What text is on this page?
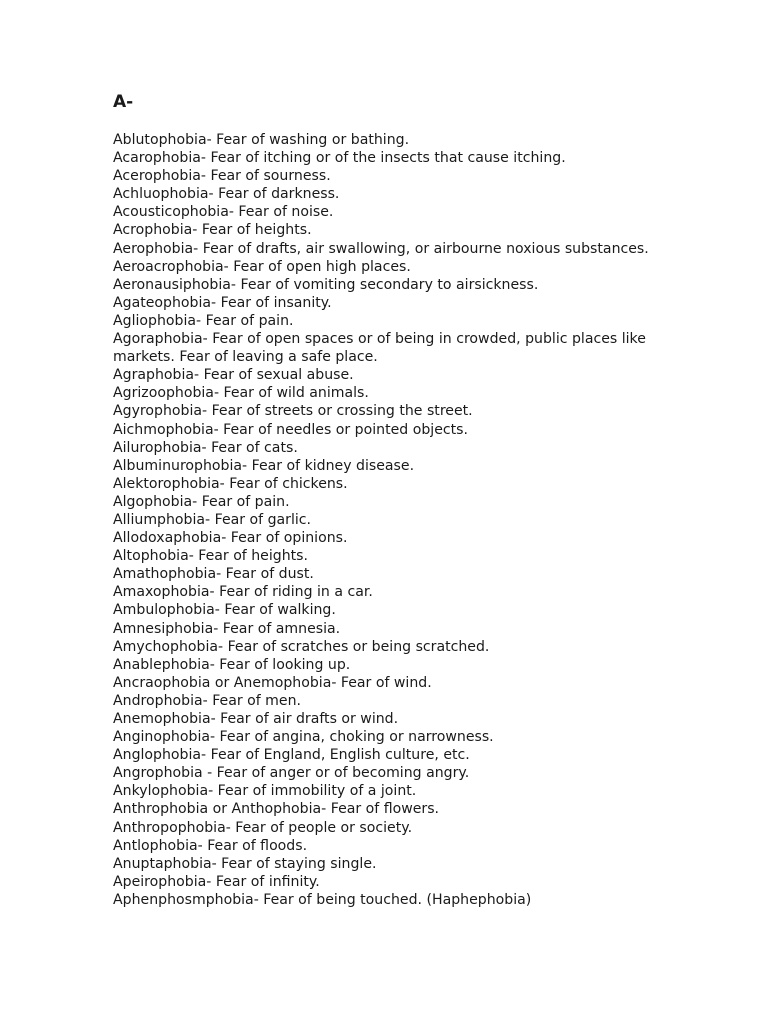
A-
Ablutophobia- Fear of washing or bathing.
Acarophobia- Fear of itching or of the insects that cause itching.
Acerophobia- Fear of sourness.
Achluophobia- Fear of darkness.
Acousticophobia- Fear of noise.
Acrophobia- Fear of heights.
Aerophobia- Fear of drafts, air swallowing, or airbourne noxious substances.
Aeroacrophobia- Fear of open high places.
Aeronausiphobia- Fear of vomiting secondary to airsickness.
Agateophobia- Fear of insanity.
Agliophobia- Fear of pain.
Agoraphobia- Fear of open spaces or of being in crowded, public places like markets. Fear of leaving a safe place.
Agraphobia- Fear of sexual abuse.
Agrizoophobia- Fear of wild animals.
Agyrophobia- Fear of streets or crossing the street.
Aichmophobia- Fear of needles or pointed objects.
Ailurophobia- Fear of cats.
Albuminurophobia- Fear of kidney disease.
Alektorophobia- Fear of chickens.
Algophobia- Fear of pain.
Alliumphobia- Fear of garlic.
Allodoxaphobia- Fear of opinions.
Altophobia- Fear of heights.
Amathophobia- Fear of dust.
Amaxophobia- Fear of riding in a car.
Ambulophobia- Fear of walking.
Amnesiphobia- Fear of amnesia.
Amychophobia- Fear of scratches or being scratched.
Anablephobia- Fear of looking up.
Ancraophobia or Anemophobia- Fear of wind.
Androphobia- Fear of men.
Anemophobia- Fear of air drafts or wind.
Anginophobia- Fear of angina, choking or narrowness.
Anglophobia- Fear of England, English culture, etc.
Angrophobia - Fear of anger or of becoming angry.
Ankylophobia- Fear of immobility of a joint.
Anthrophobia or Anthophobia- Fear of flowers.
Anthropophobia- Fear of people or society.
Antlophobia- Fear of floods.
Anuptaphobia- Fear of staying single.
Apeirophobia- Fear of infinity.
Aphenphosmphobia- Fear of being touched. (Haphephobia)
